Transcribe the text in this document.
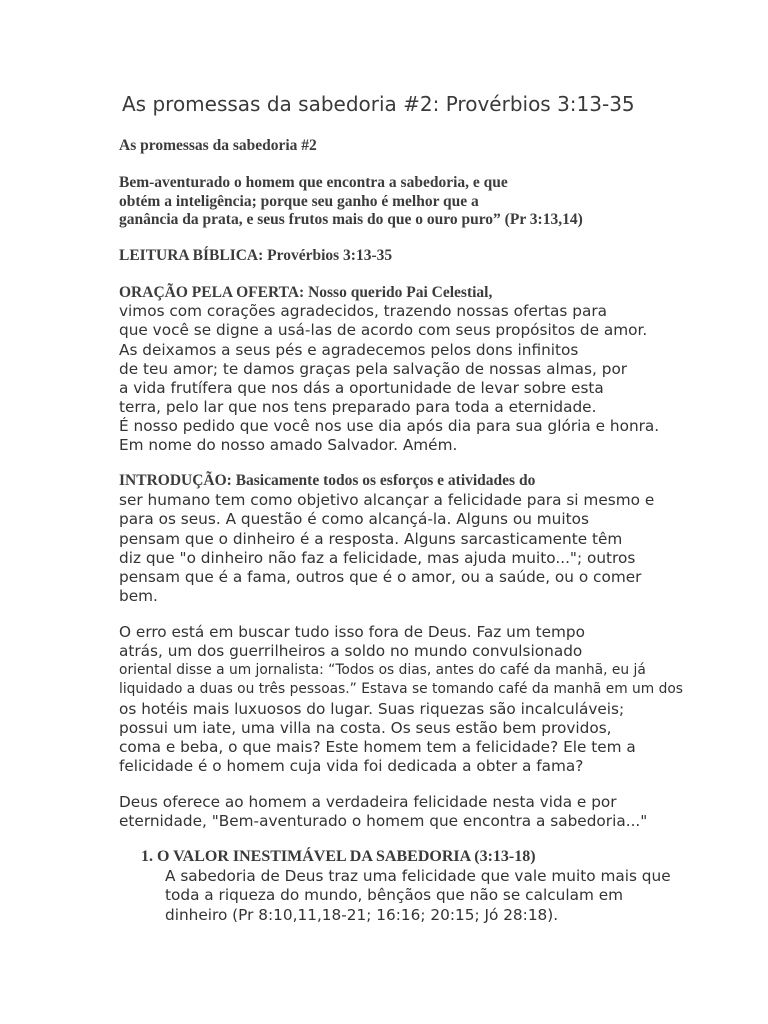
As promessas da sabedoria #2: Provérbios 3:13-35

As promessas da sabedoria #2

Bem-aventurado o homem que encontra a sabedoria, e que

obtém a inteligência; porque seu ganho é melhor que a

ganância da prata, e seus frutos mais do que o ouro puro” (Pr 3:13,14)

LEITURA BÍBLICA: Provérbios 3:13-35

ORAÇÃO PELA OFERTA: Nosso querido Pai Celestial,

vimos com corações agradecidos, trazendo nossas ofertas para

que você se digne a usá-las de acordo com seus propósitos de amor.

As deixamos a seus pés e agradecemos pelos dons infinitos

de teu amor; te damos graças pela salvação de nossas almas, por

a vida frutífera que nos dás a oportunidade de levar sobre esta

terra, pelo lar que nos tens preparado para toda a eternidade.

É nosso pedido que você nos use dia após dia para sua glória e honra.

Em nome do nosso amado Salvador. Amém.

INTRODUÇÃO: Basicamente todos os esforços e atividades do

ser humano tem como objetivo alcançar a felicidade para si mesmo e

para os seus. A questão é como alcançá-la. Alguns ou muitos

pensam que o dinheiro é a resposta. Alguns sarcasticamente têm

diz que "o dinheiro não faz a felicidade, mas ajuda muito..."; outros

pensam que é a fama, outros que é o amor, ou a saúde, ou o comer

bem.

O erro está em buscar tudo isso fora de Deus. Faz um tempo

atrás, um dos guerrilheiros a soldo no mundo convulsionado

oriental disse a um jornalista: “Todos os dias, antes do café da manhã, eu já

liquidado a duas ou três pessoas.” Estava se tomando café da manhã em um dos

os hotéis mais luxuosos do lugar. Suas riquezas são incalculáveis;

possui um iate, uma villa na costa. Os seus estão bem providos,

coma e beba, o que mais? Este homem tem a felicidade? Ele tem a

felicidade é o homem cuja vida foi dedicada a obter a fama?

Deus oferece ao homem a verdadeira felicidade nesta vida e por

eternidade, "Bem-aventurado o homem que encontra a sabedoria..."

1. O VALOR INESTIMÁVEL DA SABEDORIA (3:13-18)

A sabedoria de Deus traz uma felicidade que vale muito mais que

toda a riqueza do mundo, bênçãos que não se calculam em

dinheiro (Pr 8:10,11,18-21; 16:16; 20:15; Jó 28:18).
